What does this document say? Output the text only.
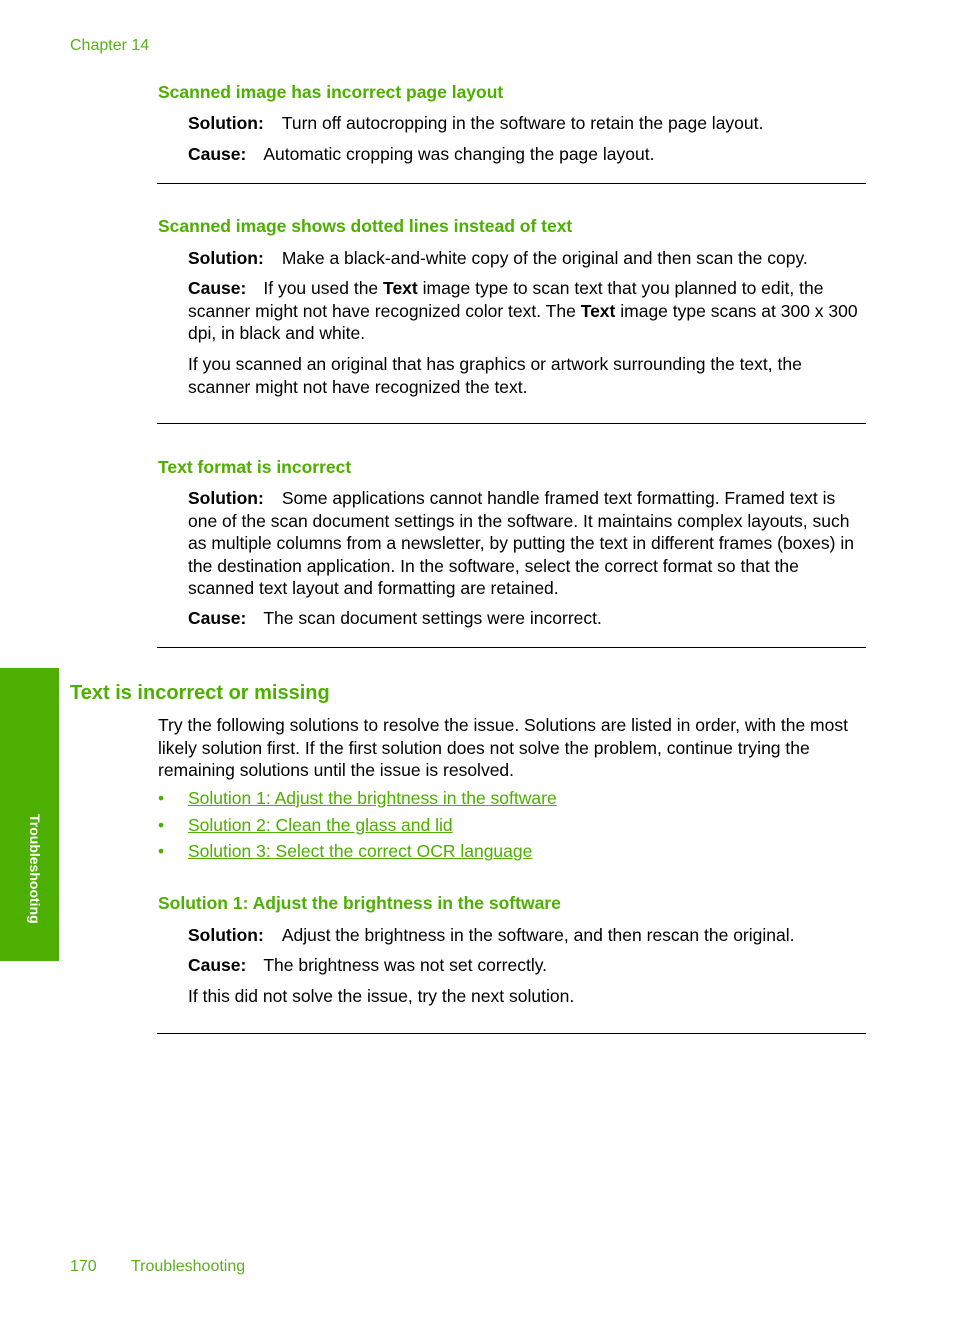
Chapter 14
Troubleshooting
Scanned image has incorrect page layout

Solution: Turn off autocropping in the software to retain the page layout.

Cause: Automatic cropping was changing the page layout.

Scanned image shows dotted lines instead of text

Solution: Make a black-and-white copy of the original and then scan the copy.

Cause: If you used the Text image type to scan text that you planned to edit, the scanner might not have recognized color text. The Text image type scans at 300 x 300 dpi, in black and white.

If you scanned an original that has graphics or artwork surrounding the text, the scanner might not have recognized the text.

Text format is incorrect

Solution: Some applications cannot handle framed text formatting. Framed text is one of the scan document settings in the software. It maintains complex layouts, such as multiple columns from a newsletter, by putting the text in different frames (boxes) in the destination application. In the software, select the correct format so that the scanned text layout and formatting are retained.

Cause: The scan document settings were incorrect.

Text is incorrect or missing

Try the following solutions to resolve the issue. Solutions are listed in order, with the most likely solution first. If the first solution does not solve the problem, continue trying the remaining solutions until the issue is resolved.

• Solution 1: Adjust the brightness in the software
• Solution 2: Clean the glass and lid
• Solution 3: Select the correct OCR language
Solution 1: Adjust the brightness in the software

Solution: Adjust the brightness in the software, and then rescan the original.

Cause: The brightness was not set correctly.

If this did not solve the issue, try the next solution.

170 Troubleshooting
